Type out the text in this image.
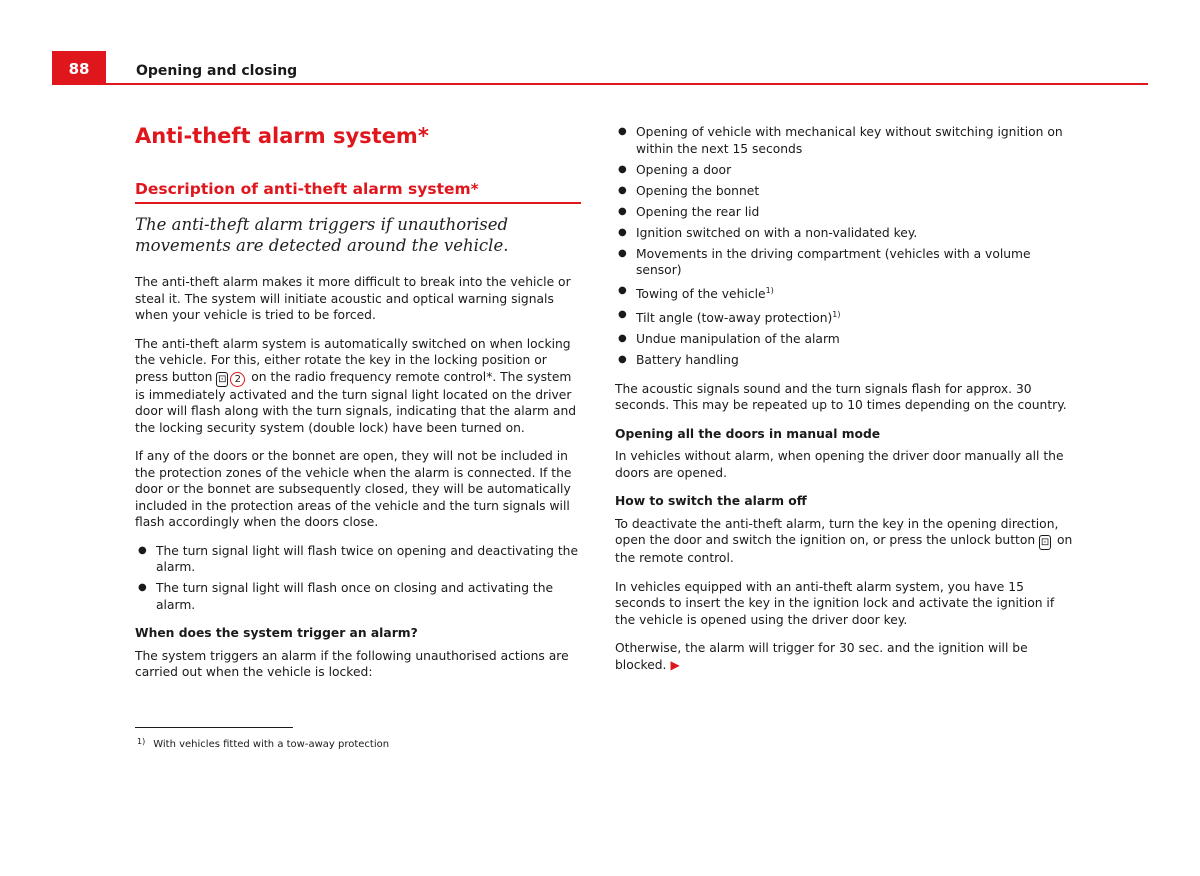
88	Opening and closing
Anti-theft alarm system*
Description of anti-theft alarm system*
The anti-theft alarm triggers if unauthorised movements are detected around the vehicle.

The anti-theft alarm makes it more difficult to break into the vehicle or steal it. The system will initiate acoustic and optical warning signals when your vehicle is tried to be forced.

The anti-theft alarm system is automatically switched on when locking the vehicle. For this, either rotate the key in the locking position or press button ⊡ 2 on the radio frequency remote control*. The system is immediately activated and the turn signal light located on the driver door will flash along with the turn signals, indicating that the alarm and the locking security system (double lock) have been turned on.

If any of the doors or the bonnet are open, they will not be included in the protection zones of the vehicle when the alarm is connected. If the door or the bonnet are subsequently closed, they will be automatically included in the protection areas of the vehicle and the turn signals will flash accordingly when the doors close.

● The turn signal light will flash twice on opening and deactivating the alarm.
● The turn signal light will flash once on closing and activating the alarm.
When does the system trigger an alarm?

The system triggers an alarm if the following unauthorised actions are carried out when the vehicle is locked:

● Opening of vehicle with mechanical key without switching ignition on within the next 15 seconds
● Opening a door
● Opening the bonnet
● Opening the rear lid
● Ignition switched on with a non-validated key.
● Movements in the driving compartment (vehicles with a volume sensor)
● Towing of the vehicle$^{1)}$
● Tilt angle (tow-away protection)$^{1)}$
● Undue manipulation of the alarm
● Battery handling

The acoustic signals sound and the turn signals flash for approx. 30 seconds. This may be repeated up to 10 times depending on the country.

Opening all the doors in manual mode

In vehicles without alarm, when opening the driver door manually all the doors are opened.

How to switch the alarm off

To deactivate the anti-theft alarm, turn the key in the opening direction, open the door and switch the ignition on, or press the unlock button ⊡ on the remote control.

In vehicles equipped with an anti-theft alarm system, you have 15 seconds to insert the key in the ignition lock and activate the ignition if the vehicle is opened using the driver door key.

Otherwise, the alarm will trigger for 30 sec. and the ignition will be blocked. ▶

$^{1)}$ With vehicles fitted with a tow-away protection
